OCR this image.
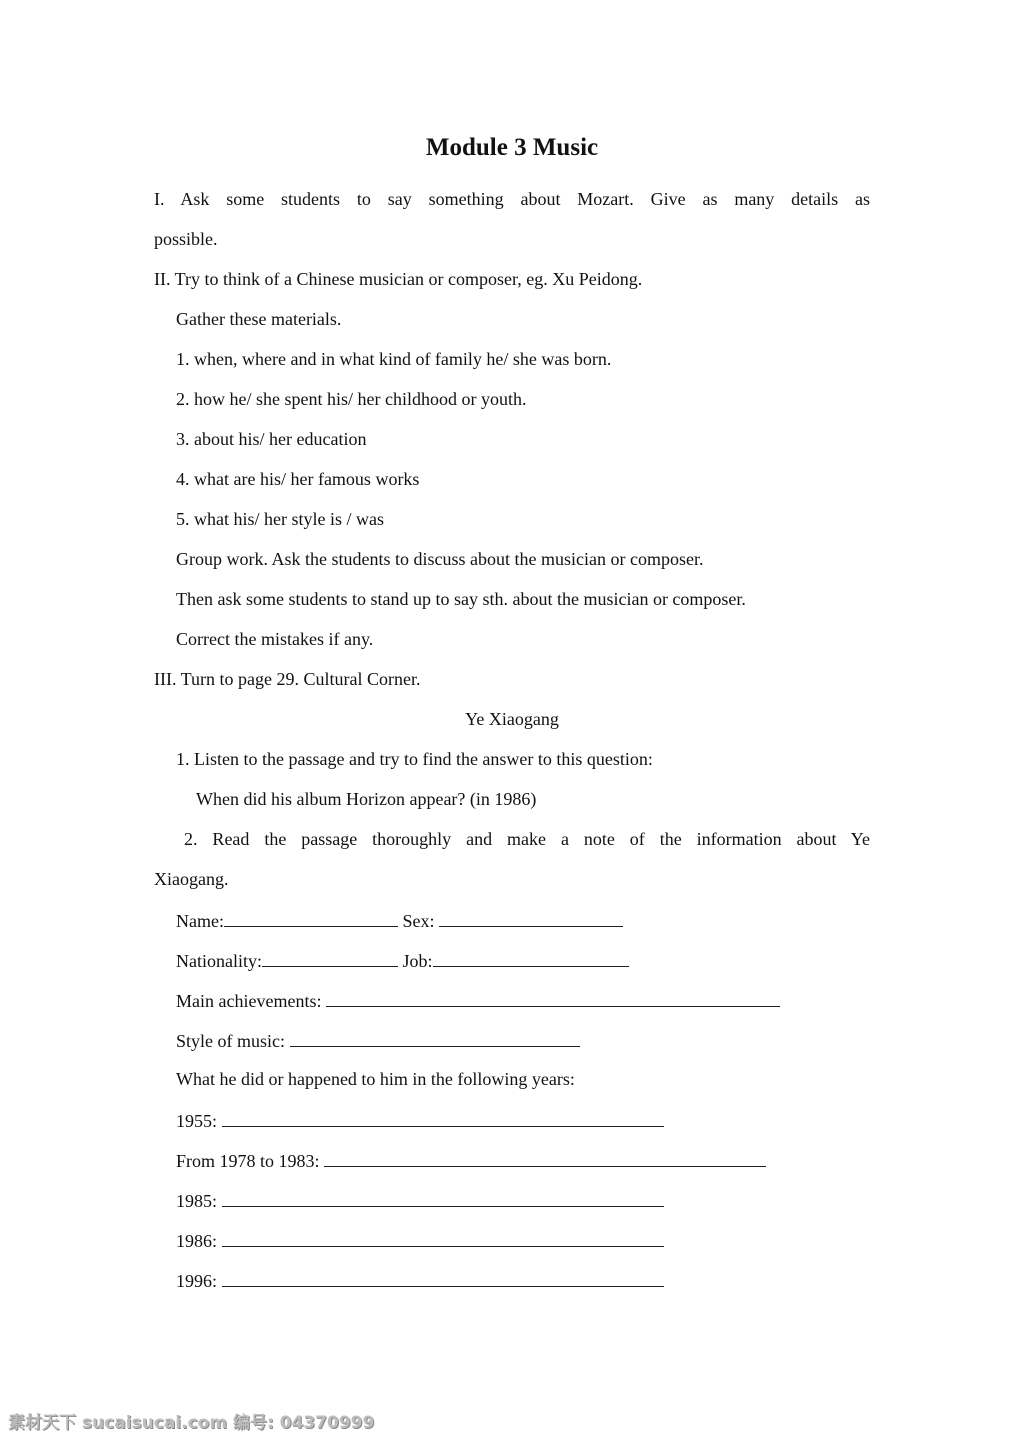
Module 3 Music
I. Ask some students to say something about Mozart. Give as many details as
possible.
II. Try to think of a Chinese musician or composer, eg. Xu Peidong.
Gather these materials.
1. when, where and in what kind of family he/ she was born.
2. how he/ she spent his/ her childhood or youth.
3. about his/ her education
4. what are his/ her famous works
5. what his/ her style is / was
Group work. Ask the students to discuss about the musician or composer.
Then ask some students to stand up to say sth. about the musician or composer.
Correct the mistakes if any.
III. Turn to page 29. Cultural Corner.
Ye Xiaogang
1. Listen to the passage and try to find the answer to this question:
When did his album Horizon appear? (in 1986)
2. Read the passage thoroughly and make a note of the information about Ye
Xiaogang.
Name:	Sex:
Nationality:	Job:
Main achievements:
Style of music:
What he did or happened to him in the following years:
1955:
From 1978 to 1983:
1985:
1986:
1996:
素材天下 sucaisucai.com 编号: 04370999
